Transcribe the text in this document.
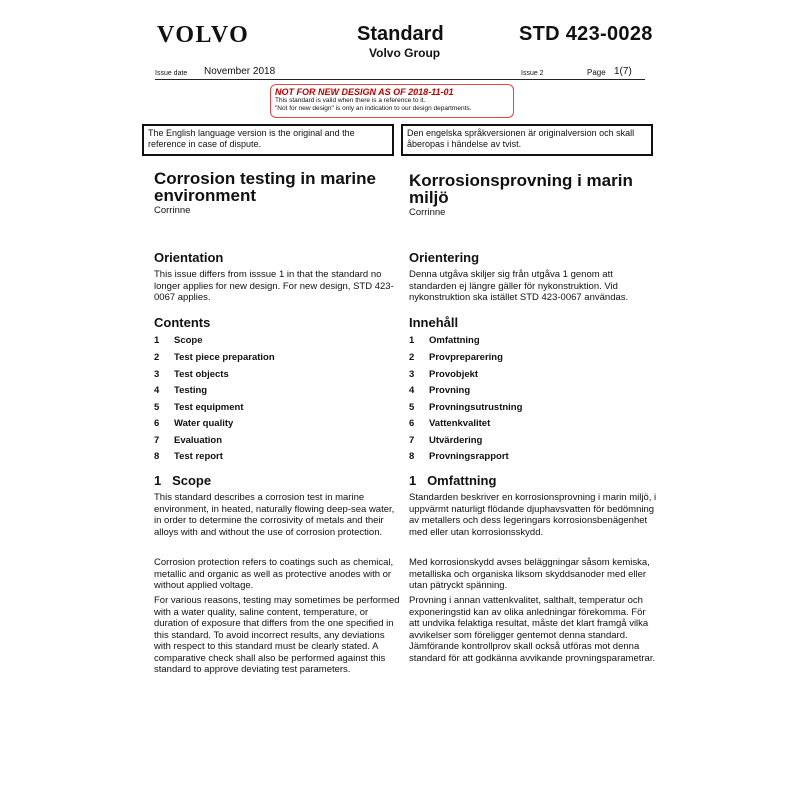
VOLVO	Standard
Volvo Group
STD 423-0028
Issue date November 2018	Issue 2	Page 1(7)
NOT FOR NEW DESIGN AS OF 2018-11-01
This standard is valid when there is a reference to it.
"Not for new design" is only an indication to our design departments.
The English language version is the original and the reference in case of dispute.
Den engelska språkversionen är originalversion och skall åberopas i händelse av tvist.
Corrosion testing in marine environment
Corrinne
Orientation
This issue differs from isssue 1 in that the standard no longer applies for new design. For new design, STD 423-0067 applies.
Contents
1 Scope
2 Test piece preparation
3 Test objects
4 Testing
5 Test equipment
6 Water quality
7 Evaluation
8 Test report
1   Scope
This standard describes a corrosion test in marine environment, in heated, naturally flowing deep-sea water, in order to determine the corrosivity of metals and their alloys with and without the use of corrosion protection.
Corrosion protection refers to coatings such as chemical, metallic and organic as well as protective anodes with or without applied voltage.
For various reasons, testing may sometimes be performed with a water quality, saline content, temperature, or duration of exposure that differs from the one specified in this standard. To avoid incorrect results, any deviations with respect to this standard must be clearly stated. A comparative check shall also be performed against this standard to approve deviating test parameters.
Korrosionsprovning i marin miljö
Corrinne
Orientering
Denna utgåva skiljer sig från utgåva 1 genom att standarden ej längre gäller för nykonstruktion. Vid nykonstruktion ska istället STD 423-0067 användas.
Innehåll
1 Omfattning
2 Provpreparering
3 Provobjekt
4 Provning
5 Provningsutrustning
6 Vattenkvalitet
7 Utvärdering
8 Provningsrapport
1   Omfattning
Standarden beskriver en korrosionsprovning i marin miljö, i uppvärmt naturligt flödande djuphavsvatten för bedömning av metallers och dess legeringars korrosionsbenägenhet med eller utan korrosionsskydd.
Med korrosionskydd avses beläggningar såsom kemiska, metalliska och organiska liksom skyddsanoder med eller utan pätryckt spänning.
Provning i annan vattenkvalitet, salthalt, temperatur och exponeringstid kan av olika anledningar förekomma. För att undvika felaktiga resultat, måste det klart framgå vilka avvikelser som föreligger gentemot denna standard. Jämförande kontrollprov skall också utföras mot denna standard för att godkänna avvikande provningsparametrar.
